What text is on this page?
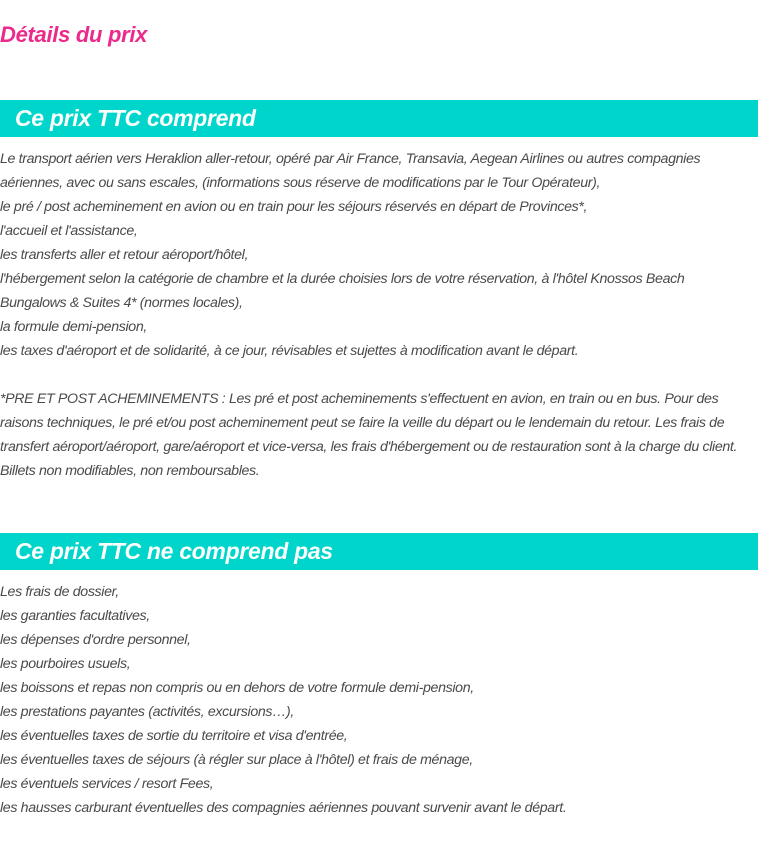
Détails du prix
Ce prix TTC comprend
Le transport aérien vers Heraklion aller-retour, opéré par Air France, Transavia, Aegean Airlines ou autres compagnies aériennes, avec ou sans escales, (informations sous réserve de modifications par le Tour Opérateur),
le pré / post acheminement en avion ou en train pour les séjours réservés en départ de Provinces*,
l'accueil et l'assistance,
les transferts aller et retour aéroport/hôtel,
l'hébergement selon la catégorie de chambre et la durée choisies lors de votre réservation, à l'hôtel Knossos Beach Bungalows & Suites 4* (normes locales),
la formule demi-pension,
les taxes d'aéroport et de solidarité, à ce jour, révisables et sujettes à modification avant le départ.
*PRE ET POST ACHEMINEMENTS : Les pré et post acheminements s'effectuent en avion, en train ou en bus. Pour des raisons techniques, le pré et/ou post acheminement peut se faire la veille du départ ou le lendemain du retour. Les frais de transfert aéroport/aéroport, gare/aéroport et vice-versa, les frais d'hébergement ou de restauration sont à la charge du client. Billets non modifiables, non remboursables.
Ce prix TTC ne comprend pas
Les frais de dossier,
les garanties facultatives,
les dépenses d'ordre personnel,
les pourboires usuels,
les boissons et repas non compris ou en dehors de votre formule demi-pension,
les prestations payantes (activités, excursions…),
les éventuelles taxes de sortie du territoire et visa d'entrée,
les éventuelles taxes de séjours (à régler sur place à l'hôtel) et frais de ménage,
les éventuels services / resort Fees,
les hausses carburant éventuelles des compagnies aériennes pouvant survenir avant le départ.
